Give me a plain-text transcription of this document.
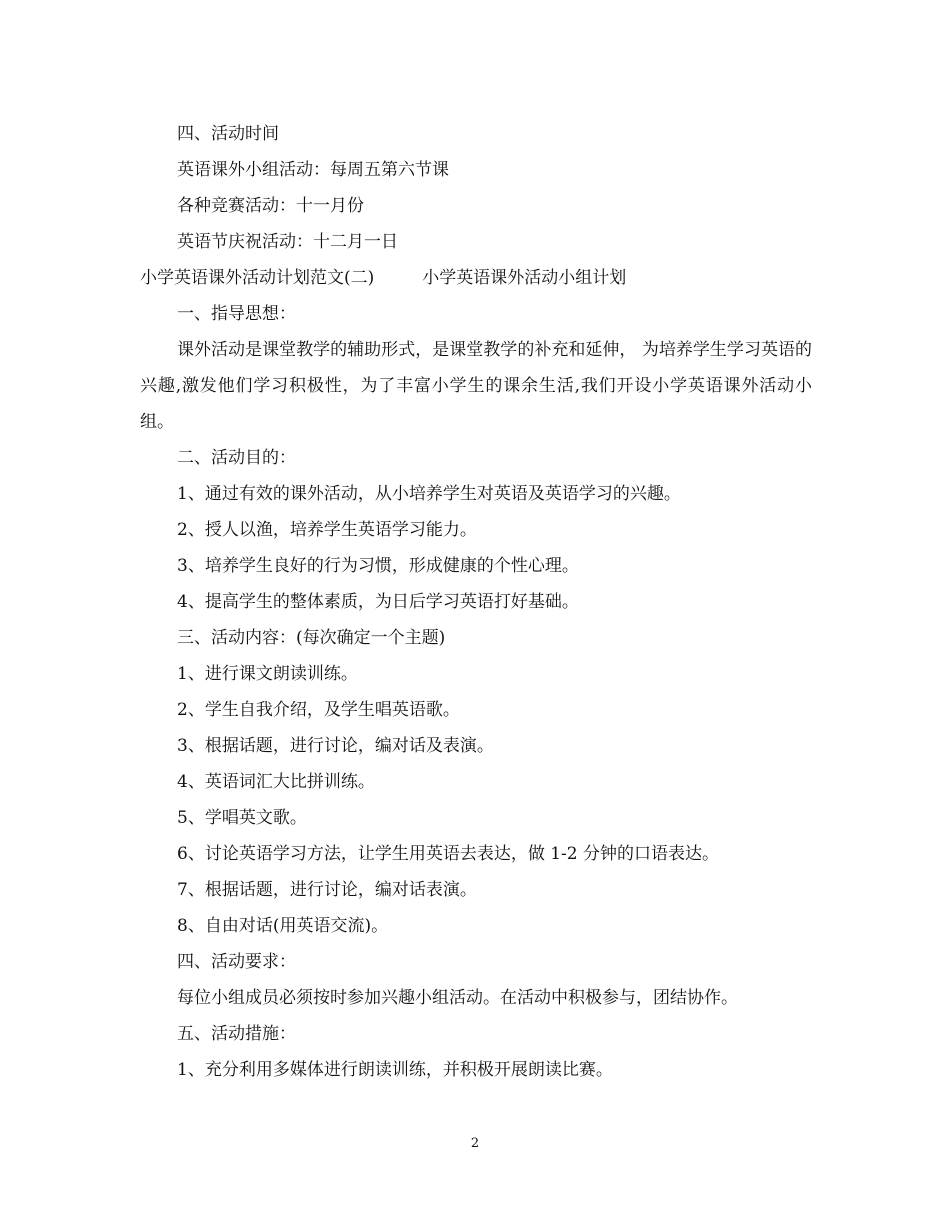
四、活动时间
英语课外小组活动：每周五第六节课
各种竞赛活动：十一月份
英语节庆祝活动：十二月一日
小学英语课外活动计划范文(二)	小学英语课外活动小组计划
一、指导思想：

课外活动是课堂教学的辅助形式，是课堂教学的补充和延伸， 为培养学生学习英语的兴趣,激发他们学习积极性，为了丰富小学生的课余生活,我们开设小学英语课外活动小组。

二、活动目的：
1、通过有效的课外活动，从小培养学生对英语及英语学习的兴趣。
2、授人以渔，培养学生英语学习能力。
3、培养学生良好的行为习惯，形成健康的个性心理。
4、提高学生的整体素质，为日后学习英语打好基础。
三、活动内容：(每次确定一个主题)
1、进行课文朗读训练。
2、学生自我介绍，及学生唱英语歌。
3、根据话题，进行讨论，编对话及表演。
4、英语词汇大比拼训练。
5、学唱英文歌。
6、讨论英语学习方法，让学生用英语去表达，做 1-2 分钟的口语表达。
7、根据话题，进行讨论，编对话表演。
8、自由对话(用英语交流)。
四、活动要求：
每位小组成员必须按时参加兴趣小组活动。在活动中积极参与，团结协作。
五、活动措施：
1、充分利用多媒体进行朗读训练，并积极开展朗读比赛。
2
